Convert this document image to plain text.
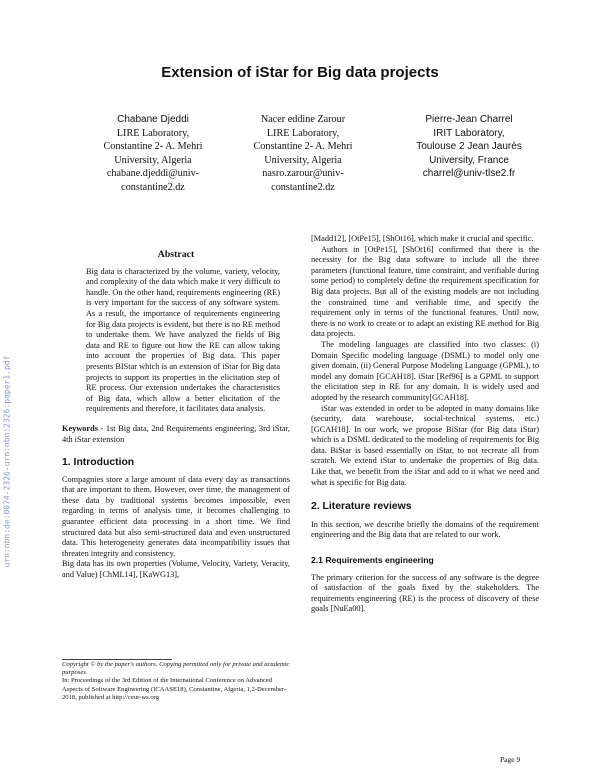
Extension of iStar for Big data projects
Chabane Djeddi
LIRE Laboratory,
Constantine 2- A. Mehri
University, Algeria
chabane.djeddi@univ-
constantine2.dz
Nacer eddine Zarour
LIRE Laboratory,
Constantine 2- A. Mehri
University, Algeria
nasro.zarour@univ-
constantine2.dz
Pierre-Jean Charrel
IRIT Laboratory,
Toulouse 2 Jean Jaurès
University, France
charrel@univ-tlse2.fr
urn:nbn:de:0074-2326-urn:nbn:2326:paper1.pdf
Abstract

Big data is characterized by the volume, variety, velocity, and complexity of the data which make it very difficult to handle. On the other hand, requirements engineering (RE) is very important for the success of any software system. As a result, the importance of requirements engineering for Big data projects is evident, but there is no RE method to undertake them. We have analyzed the fields of Big data and RE to figure out how the RE can allow taking into account the properties of Big data. This paper presents BIStar which is an extension of iStar for Big data projects to support its properties in the elicitation step of RE process. Our extension undertakes the characteristics of Big data, which allow a better elicitation of the requirements and therefore, it facilitates data analysis.

Keywords - 1st Big data, 2nd Requirements engineering, 3rd iStar, 4th iStar extension

1. Introduction

Compagnies store a large amount of data every day as transactions that are important to them. However, over time, the management of these data by traditional systems becomes impossible, even regarding in terms of analysis time, it becomes challenging to guarantee efficient data processing in a short time. We find structured data but also semi-structured data and even unstructured data. This heterogeneity generates data incompatibility issues that threaten integrity and consistency.

Big data has its own properties (Volume, Velocity, Variety, Veracity, and Value) [ChML14], [KaWG13],

[Madd12], [OtPe15], [ShOt16], which make it crucial and specific.

Authors in [OtPe15], [ShOt16] confirmed that there is the necessity for the Big data software to include all the three parameters (functional feature, time constraint, and verifiable during some period) to completely define the requirement specification for Big data projects. But all of the existing models are not including the constrained time and verifiable time, and specify the requirement only in terms of the functional features. Until now, there is no work to create or to adapt an existing RE method for Big data projects.

The modeling languages are classified into two classes: (i) Domain Specific modeling language (DSML) to model only one given domain, (ii) General Purpose Modeling Language (GPML), to model any domain [GCAH18]. iStar [Ref96] is a GPML to support the elicitation step in RE for any domain. It is widely used and adopted by the research community[GCAH18].

iStar was extended in order to be adopted in many domains like (security, data warehouse, social-technical systems, etc.) [GCAH18]. In our work, we propose BiStar (for Big data iStar) which is a DSML dedicated to the modeling of requirements for Big data. BiStar is based essentially on iStar, to not recreate all from scratch. We extend iStar to undertake the properties of Big data. Like that, we benefit from the iStar and add to it what we need and what is specific for Big data.

2. Literature reviews

In this section, we describe briefly the domains of the requirement engineering and the Big data that are related to our work.

2.1 Requirements engineering

The primary criterion for the success of any software is the degree of satisfaction of the goals fixed by the stakeholders. The requirements engineering (RE) is the process of discovery of these goals [NuEa00].

Copyright © by the paper's authors. Copying permitted only for private and academic purposes.
In: Proceedings of the 3rd Edition of the International Conference on Advanced Aspects of Software Engineering (ICAASE18), Constantine, Algeria, 1,2-December-2018, published at http://ceur-ws.org
Page 9
